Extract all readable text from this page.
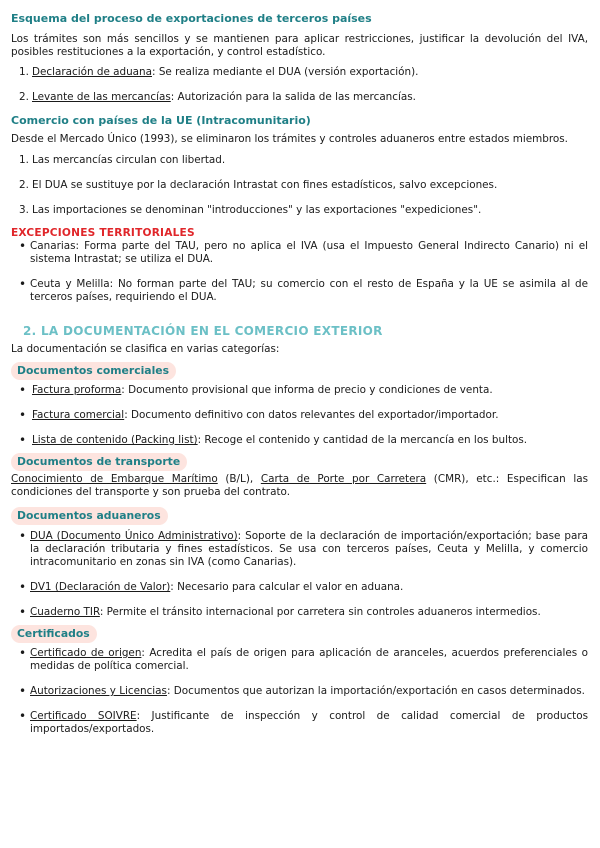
Esquema del proceso de exportaciones de terceros países

Los trámites son más sencillos y se mantienen para aplicar restricciones, justificar la devolución del IVA, posibles restituciones a la exportación, y control estadístico.

1. Declaración de aduana: Se realiza mediante el DUA (versión exportación).
2. Levante de las mercancías: Autorización para la salida de las mercancías.
Comercio con países de la UE (Intracomunitario)

Desde el Mercado Único (1993), se eliminaron los trámites y controles aduaneros entre estados miembros.

1. Las mercancías circulan con libertad.
2. El DUA se sustituye por la declaración Intrastat con fines estadísticos, salvo excepciones.
3. Las importaciones se denominan "introducciones" y las exportaciones "expediciones".
EXCEPCIONES TERRITORIALES
• Canarias: Forma parte del TAU, pero no aplica el IVA (usa el Impuesto General Indirecto Canario) ni el sistema Intrastat; se utiliza el DUA.
• Ceuta y Melilla: No forman parte del TAU; su comercio con el resto de España y la UE se asimila al de terceros países, requiriendo el DUA.
2. LA DOCUMENTACIÓN EN EL COMERCIO EXTERIOR

La documentación se clasifica en varias categorías:

Documentos comerciales
• Factura proforma: Documento provisional que informa de precio y condiciones de venta.
• Factura comercial: Documento definitivo con datos relevantes del exportador/importador.
• Lista de contenido (Packing list): Recoge el contenido y cantidad de la mercancía en los bultos.
Documentos de transporte

Conocimiento de Embarque Marítimo (B/L), Carta de Porte por Carretera (CMR), etc.: Especifican las condiciones del transporte y son prueba del contrato.

Documentos aduaneros
• DUA (Documento Único Administrativo): Soporte de la declaración de importación/exportación; base para la declaración tributaria y fines estadísticos. Se usa con terceros países, Ceuta y Melilla, y comercio intracomunitario en zonas sin IVA (como Canarias).
• DV1 (Declaración de Valor): Necesario para calcular el valor en aduana.
• Cuaderno TIR: Permite el tránsito internacional por carretera sin controles aduaneros intermedios.
Certificados
• Certificado de origen: Acredita el país de origen para aplicación de aranceles, acuerdos preferenciales o medidas de política comercial.
• Autorizaciones y Licencias: Documentos que autorizan la importación/exportación en casos determinados.
• Certificado SOIVRE: Justificante de inspección y control de calidad comercial de productos importados/exportados.
